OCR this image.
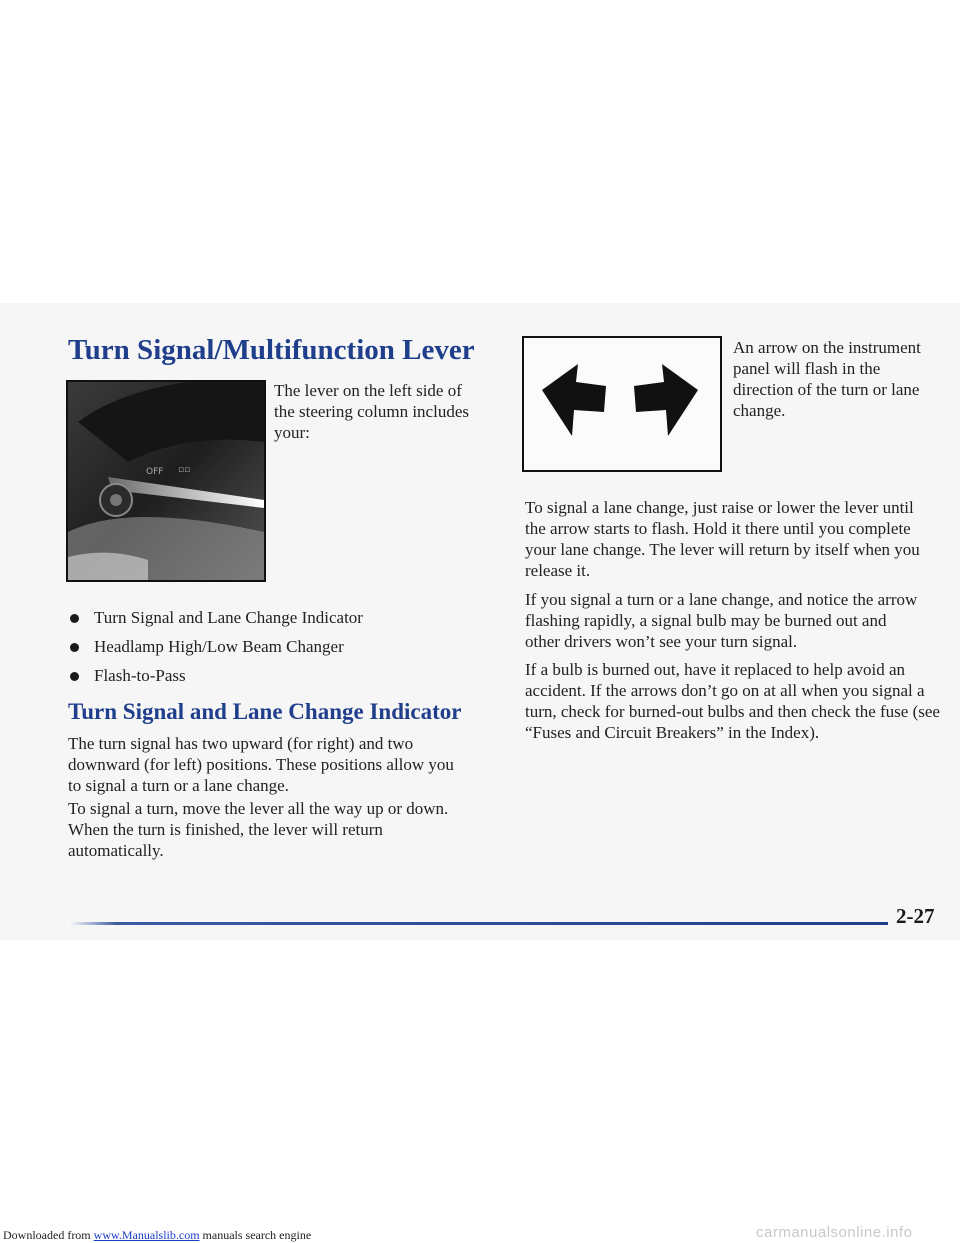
Turn Signal/Multifunction Lever
OFF ▫▫

The lever on the left side of the steering column includes your:

Turn Signal and Lane Change Indicator
Headlamp High/Low Beam Changer
Flash-to-Pass
Turn Signal and Lane Change Indicator

The turn signal has two upward (for right) and two downward (for left) positions. These positions allow you to signal a turn or a lane change.

To signal a turn, move the lever all the way up or down. When the turn is finished, the lever will return automatically.

An arrow on the instrument panel will flash in the direction of the turn or lane change.

To signal a lane change, just raise or lower the lever until the arrow starts to flash. Hold it there until you complete your lane change. The lever will return by itself when you release it.

If you signal a turn or a lane change, and notice the arrow flashing rapidly, a signal bulb may be burned out and other drivers won’t see your turn signal.

If a bulb is burned out, have it replaced to help avoid an accident. If the arrows don’t go on at all when you signal a turn, check for burned-out bulbs and then check the fuse (see “Fuses and Circuit Breakers” in the Index).

2-27

Downloaded from www.Manualslib.com manuals search engine	carmanualsonline.info
